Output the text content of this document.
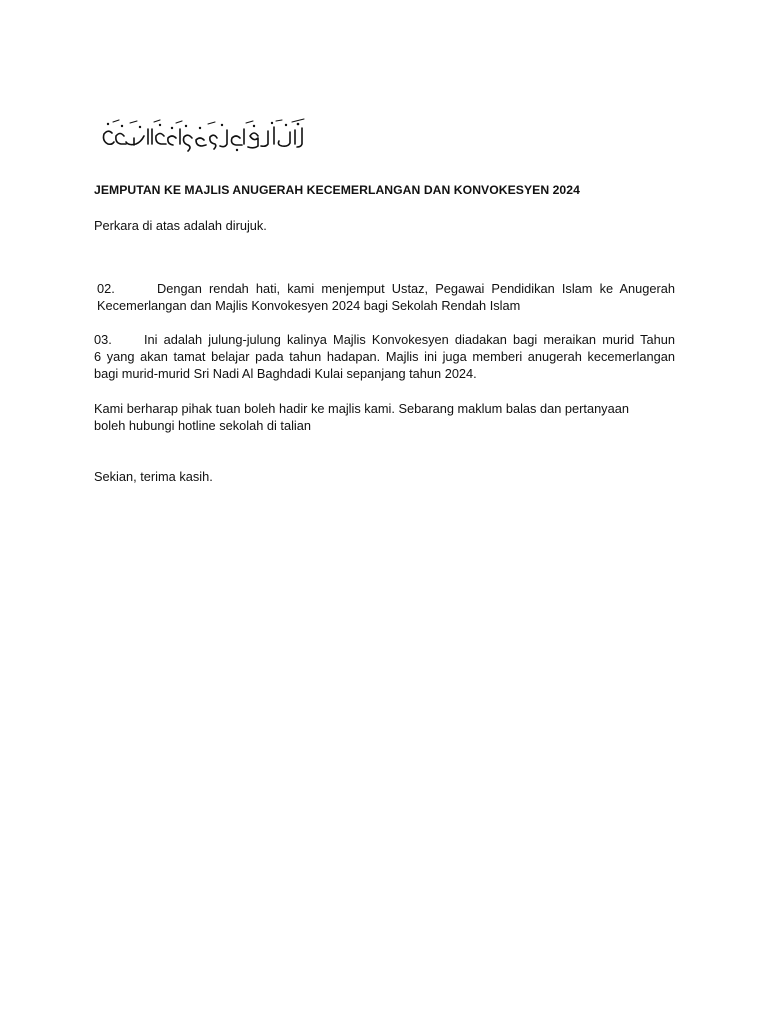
JEMPUTAN KE MAJLIS ANUGERAH KECEMERLANGAN DAN KONVOKESYEN 2024

Perkara di atas adalah dirujuk.

02.	Dengan rendah hati, kami menjemput Ustaz, Pegawai Pendidikan Islam ke Anugerah
Kecemerlangan dan Majlis Konvokesyen 2024 bagi Sekolah Rendah Islam
03.	Ini adalah julung-julung kalinya Majlis Konvokesyen diadakan bagi meraikan murid Tahun
6 yang akan tamat belajar pada tahun hadapan. Majlis ini juga memberi anugerah kecemerlangan
bagi murid-murid Sri Nadi Al Baghdadi Kulai sepanjang tahun 2024.
Kami berharap pihak tuan boleh hadir ke majlis kami. Sebarang maklum balas dan pertanyaan
boleh hubungi hotline sekolah di talian

Sekian, terima kasih.
